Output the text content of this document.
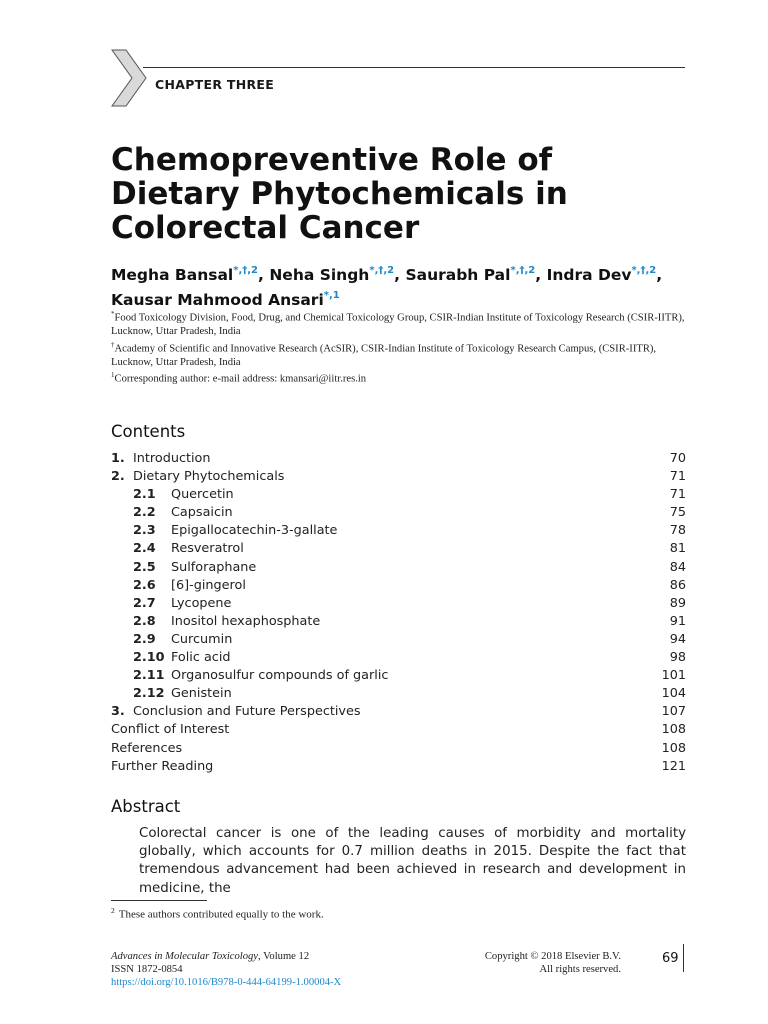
CHAPTER THREE
Chemopreventive Role of Dietary Phytochemicals in Colorectal Cancer

Megha Bansal$^{*,\dagger,2}$, Neha Singh$^{*,\dagger,2}$, Saurabh Pal$^{*,\dagger,2}$, Indra Dev$^{*,\dagger,2}$,
Kausar Mahmood Ansari$^{*,1}$

*Food Toxicology Division, Food, Drug, and Chemical Toxicology Group, CSIR-Indian Institute of Toxicology Research (CSIR-IITR), Lucknow, Uttar Pradesh, India
†Academy of Scientific and Innovative Research (AcSIR), CSIR-Indian Institute of Toxicology Research Campus, (CSIR-IITR), Lucknow, Uttar Pradesh, India
$^1$Corresponding author: e-mail address: kmansari@iitr.res.in
Contents
1. Introduction	70
2. Dietary Phytochemicals	71
2.1 Quercetin	71
2.2 Capsaicin	75
2.3 Epigallocatechin-3-gallate	78
2.4 Resveratrol	81
2.5 Sulforaphane	84
2.6 [6]-gingerol	86
2.7 Lycopene	89
2.8 Inositol hexaphosphate	91
2.9 Curcumin	94
2.10 Folic acid	98
2.11 Organosulfur compounds of garlic	101
2.12 Genistein	104
3. Conclusion and Future Perspectives	107
Conflict of Interest	108
References	108
Further Reading	121
Abstract

Colorectal cancer is one of the leading causes of morbidity and mortality globally, which accounts for 0.7 million deaths in 2015. Despite the fact that tremendous advancement had been achieved in research and development in medicine, the

$^2$ These authors contributed equally to the work.
Advances in Molecular Toxicology, Volume 12
ISSN 1872-0854
https://doi.org/10.1016/B978-0-444-64199-1.00004-X
Copyright © 2018 Elsevier B.V.
All rights reserved.
69
